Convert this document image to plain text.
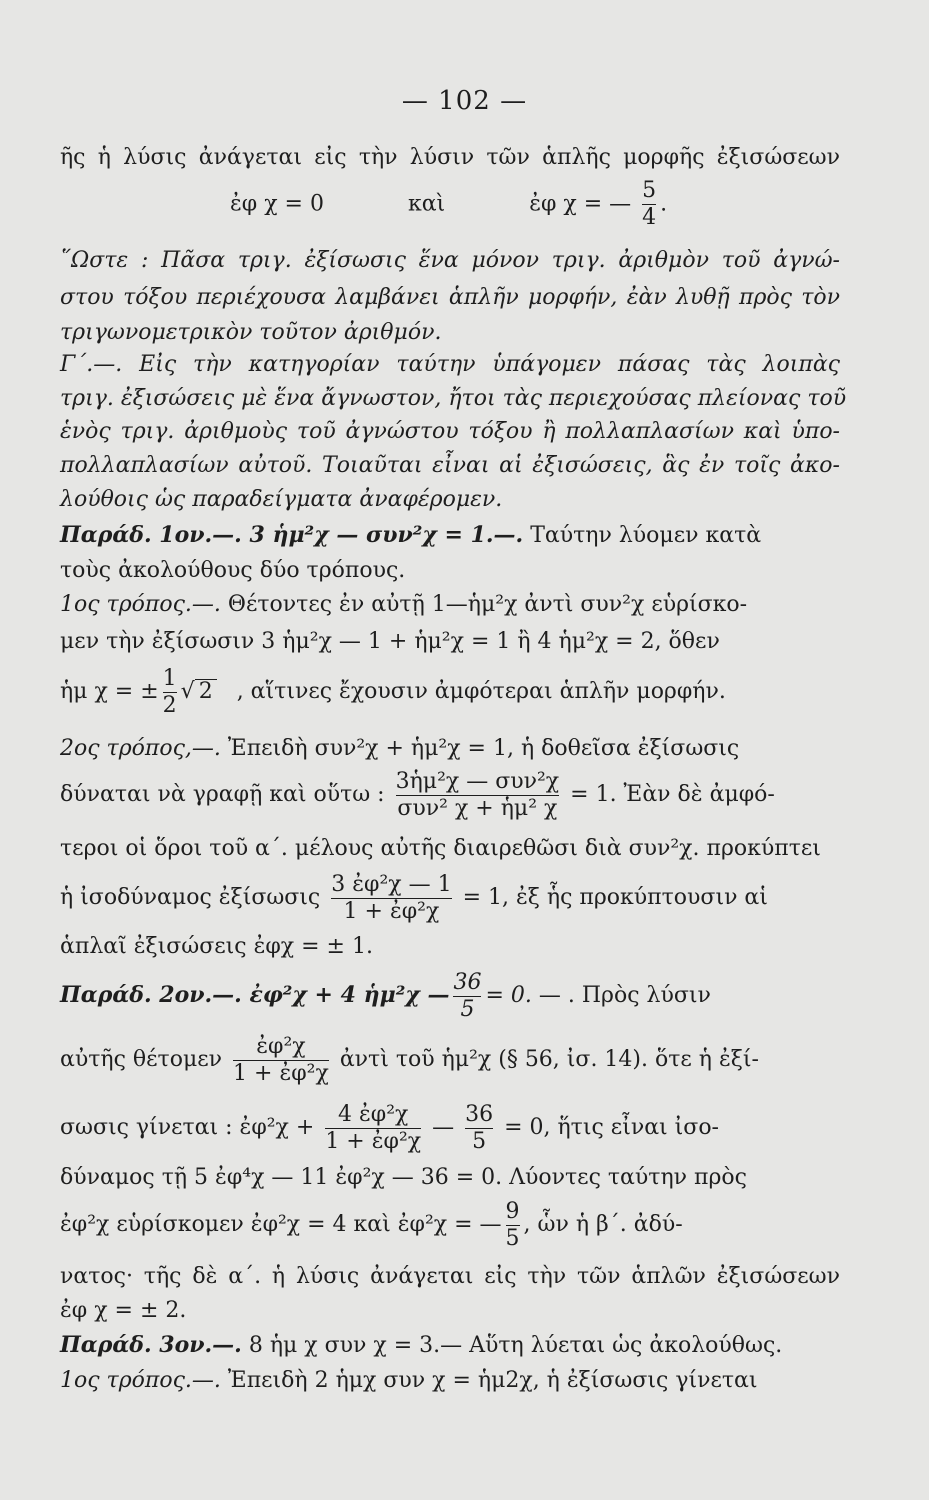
— 102 —
ῆς ἡ λύσις ἀνάγεται εἰς τὴν λύσιν τῶν ἁπλῆς μορφῆς ἐξισώσεων
ἐφ χ = 0	καὶ	ἐφ χ = — $\frac{5}{4}$ .
῞Ωστε : Πᾶσα τριγ. ἐξίσωσις ἕνα μόνον τριγ. ἀριθμὸν τοῦ ἀγνώ-
στου τόξου περιέχουσα λαμβάνει ἁπλῆν μορφήν, ἐὰν λυθῇ πρὸς τὸν
τριγωνομετρικὸν τοῦτον ἀριθμόν.
Γ΄.—. Εἰς τὴν κατηγορίαν ταύτην ὑπάγομεν πάσας τὰς λοιπὰς
τριγ. ἐξισώσεις μὲ ἕνα ἄγνωστον, ἤτοι τὰς περιεχούσας πλείονας τοῦ
ἑνὸς τριγ. ἀριθμοὺς τοῦ ἀγνώστου τόξου ἢ πολλαπλασίων καὶ ὑπο-
πολλαπλασίων αὐτοῦ. Τοιαῦται εἶναι αἱ ἐξισώσεις, ἃς ἐν τοῖς ἀκο-
λούθοις ὡς παραδείγματα ἀναφέρομεν.
Παράδ. 1ον.—. 3 ἡμ²χ — συν²χ = 1.—. Ταύτην λύομεν κατὰ
τοὺς ἀκολούθους δύο τρόπους.
1ος τρόπος.—. Θέτοντες ἐν αὐτῇ 1—ἡμ²χ ἀντὶ συν²χ εὑρίσκο-
μεν τὴν ἐξίσωσιν 3 ἡμ²χ — 1 + ἡμ²χ = 1 ἢ 4 ἡμ²χ = 2, ὅθεν
ἡμ χ = ± $\frac{1}{2}$ √ 2 , αἵτινες ἔχουσιν ἀμφότεραι ἁπλῆν μορφήν.
2ος τρόπος,—. Ἐπειδὴ συν²χ + ἡμ²χ = 1, ἡ δοθεῖσα ἐξίσωσις
δύναται νὰ γραφῇ καὶ οὕτω : $\frac{\text{3ἡμ²χ — συν²χ}}{\text{συν² χ + ἡμ² χ}} = 1$. Ἐὰν δὲ ἀμφό-
τεροι οἱ ὅροι τοῦ α΄. μέλους αὐτῆς διαιρεθῶσι διὰ συν²χ. προκύπτει
ἡ ἰσοδύναμος ἐξίσωσις $\frac{\text{3 ἐφ²χ — 1}}{\text{1 + ἐφ²χ}} = 1$, ἐξ ἧς προκύπτουσιν αἱ
ἁπλαῖ ἐξισώσεις ἐφχ = ± 1.
Παράδ. 2ον.—. ἐφ²χ + 4 ἡμ²χ — $\frac{36}{5} = 0$. — . Πρὸς λύσιν
αὐτῆς θέτομεν $\frac{\text{ἐφ²χ}}{\text{1 + ἐφ²χ}}$ ἀντὶ τοῦ ἡμ²χ (§ 56, ἰσ. 14). ὅτε ἡ ἐξί-
σωσις γίνεται : ἐφ²χ + $\frac{\text{4 ἐφ²χ}}{\text{1 + ἐφ²χ}}$ — $\frac{36}{5} = 0$, ἥτις εἶναι ἰσο-
δύναμος τῇ 5 ἐφ⁴χ — 11 ἐφ²χ — 36 = 0. Λύοντες ταύτην πρὸς
ἐφ²χ εὑρίσκομεν ἐφ²χ = 4 καὶ ἐφ²χ = — $\frac{9}{5}$ , ὧν ἡ β΄. ἀδύ-
νατος· τῆς δὲ α΄. ἡ λύσις ἀνάγεται εἰς τὴν τῶν ἁπλῶν ἐξισώσεων
ἐφ χ = ± 2.
Παράδ. 3ον.—. 8 ἡμ χ συν χ = 3.— Αὕτη λύεται ὡς ἀκολούθως.
1ος τρόπος.—. Ἐπειδὴ 2 ἡμχ συν χ = ἡμ2χ, ἡ ἐξίσωσις γίνεται
